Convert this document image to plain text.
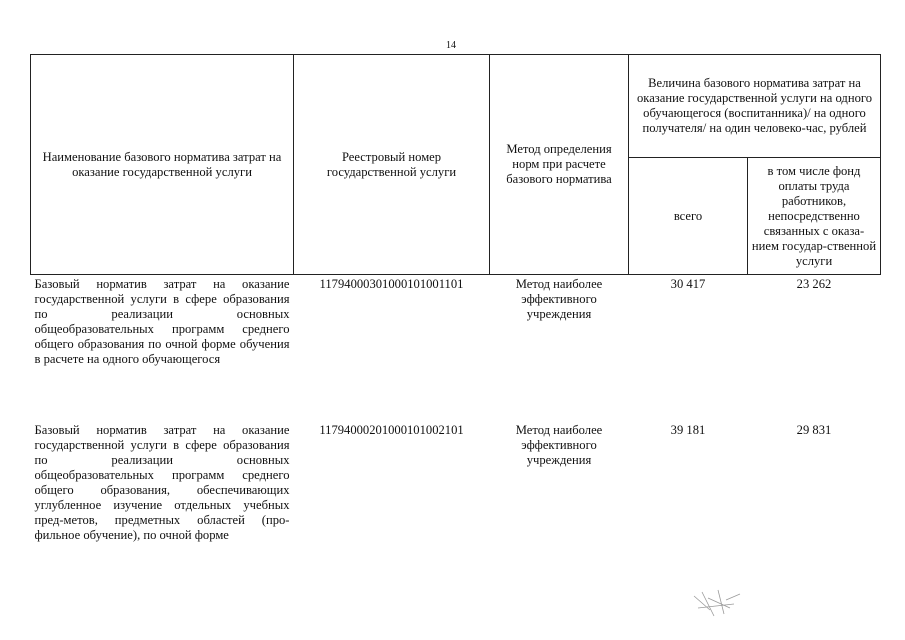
14
Наименование базового норматива затрат на оказание государственной услуги	Реестровый номер государственной услуги	Метод определения норм при расчете базового норматива	Величина базового норматива затрат на оказание государственной услуги на одного обучающегося (воспитанника)/ на одного получателя/ на один человеко-час, рублей	
			всего	в том числе фонд оплаты труда работников, непосредственно связанных с оказа-нием государ-ственной услуги
Базовый норматив затрат на оказание государственной услуги в сфере образования по реализации основных общеобразовательных программ среднего общего образования по очной форме обучения в расчете на одного обучающегося	11794000301000101001101	Метод наиболее эффективного учреждения	30 417	23 262
Базовый норматив затрат на оказание государственной услуги в сфере образования по реализации основных общеобразовательных программ среднего общего образования, обеспечивающих углубленное изучение отдельных учебных пред-метов, предметных областей (про-фильное обучение), по очной форме	11794000201000101002101	Метод наиболее эффективного учреждения	39 181	29 831
